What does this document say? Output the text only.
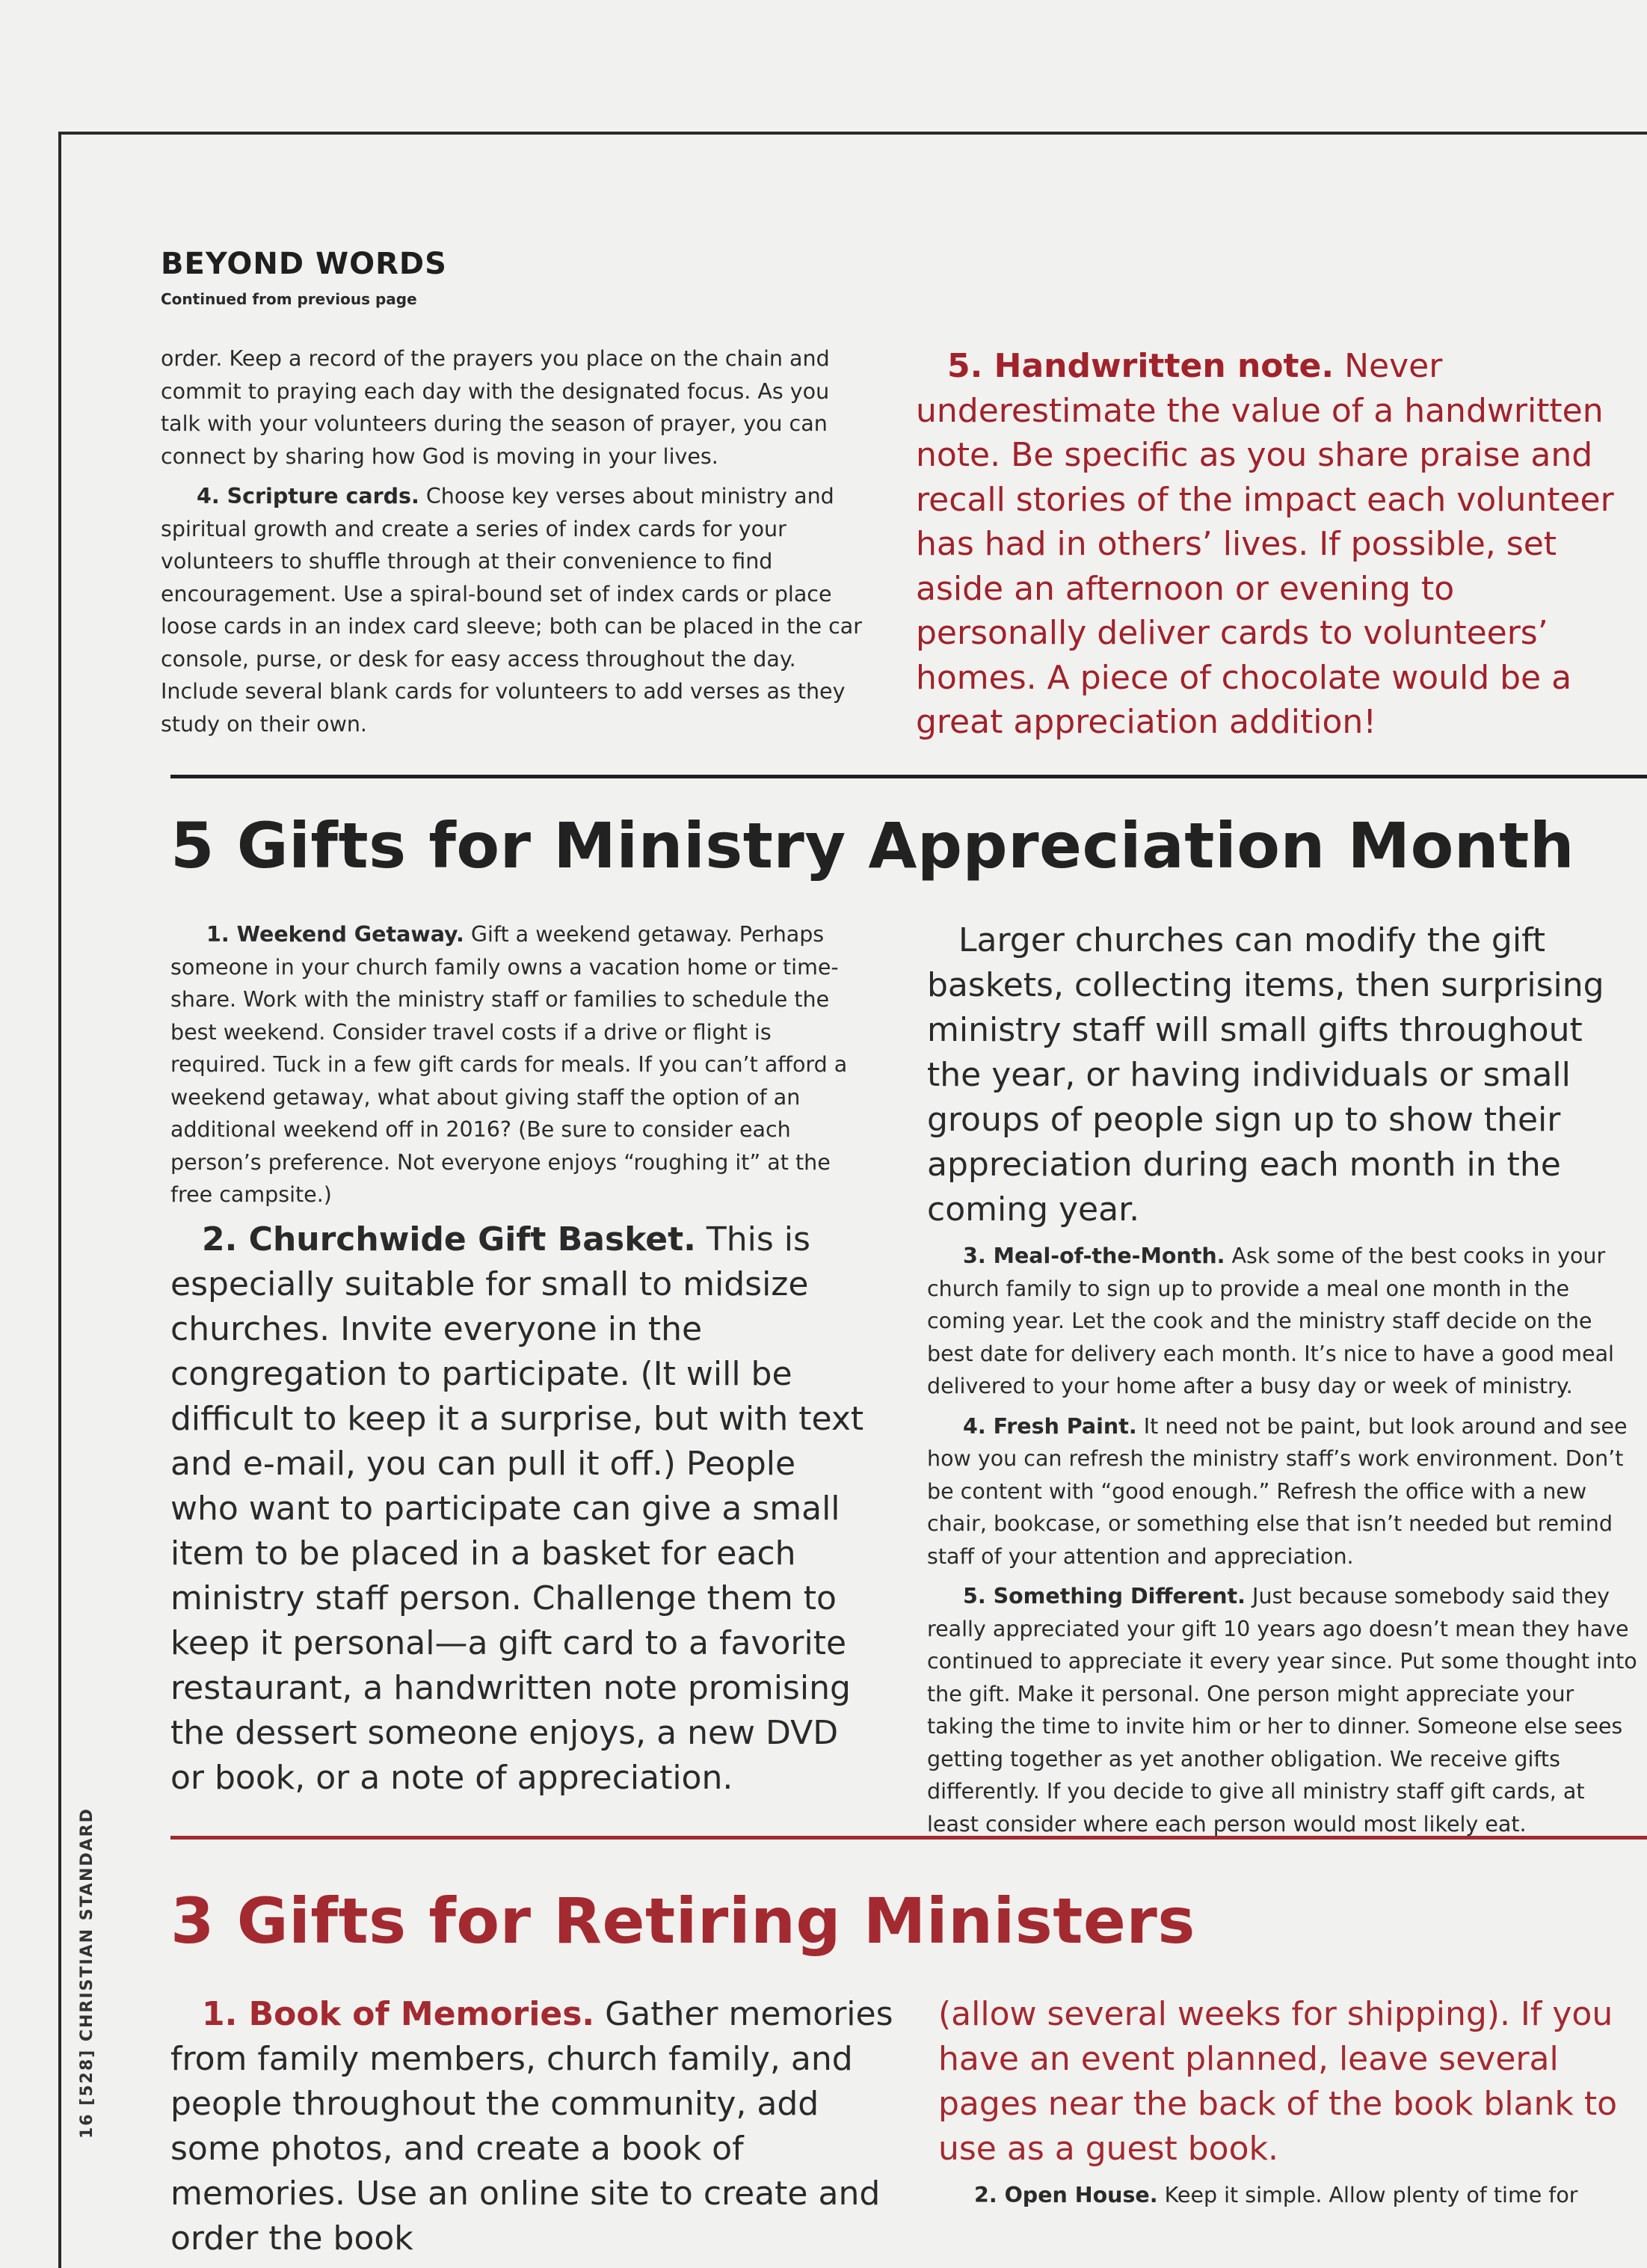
BEYOND WORDS
Continued from previous page

order. Keep a record of the prayers you place on the chain and commit to praying each day with the designated focus. As you talk with your volunteers during the season of prayer, you can connect by sharing how God is moving in your lives.

4. Scripture cards. Choose key verses about ministry and spiritual growth and create a series of index cards for your volunteers to shuffle through at their convenience to find encouragement. Use a spiral-bound set of index cards or place loose cards in an index card sleeve; both can be placed in the car console, purse, or desk for easy access throughout the day. Include several blank cards for volunteers to add verses as they study on their own.

5. Handwritten note. Never underestimate the value of a handwritten note. Be specific as you share praise and recall stories of the impact each volunteer has had in others’ lives. If possible, set aside an afternoon or evening to personally deliver cards to volunteers’ homes. A piece of chocolate would be a great appreciation addition!

5 Gifts for Ministry Appreciation Month

1. Weekend Getaway. Gift a weekend getaway. Perhaps someone in your church family owns a vacation home or time-share. Work with the ministry staff or families to schedule the best weekend. Consider travel costs if a drive or flight is required. Tuck in a few gift cards for meals. If you can’t afford a weekend getaway, what about giving staff the option of an additional weekend off in 2016? (Be sure to consider each person’s preference. Not everyone enjoys “roughing it” at the free campsite.)

2. Churchwide Gift Basket. This is especially suitable for small to midsize churches. Invite everyone in the congregation to participate. (It will be difficult to keep it a surprise, but with text and e-mail, you can pull it off.) People who want to participate can give a small item to be placed in a basket for each ministry staff person. Challenge them to keep it personal—a gift card to a favorite restaurant, a handwritten note promising the dessert someone enjoys, a new DVD or book, or a note of appreciation.

Larger churches can modify the gift baskets, collecting items, then surprising ministry staff will small gifts throughout the year, or having individuals or small groups of people sign up to show their appreciation during each month in the coming year.

3. Meal-of-the-Month. Ask some of the best cooks in your church family to sign up to provide a meal one month in the coming year. Let the cook and the ministry staff decide on the best date for delivery each month. It’s nice to have a good meal delivered to your home after a busy day or week of ministry.

4. Fresh Paint. It need not be paint, but look around and see how you can refresh the ministry staff’s work environment. Don’t be content with “good enough.” Refresh the office with a new chair, bookcase, or something else that isn’t needed but remind staff of your attention and appreciation.

5. Something Different. Just because somebody said they really appreciated your gift 10 years ago doesn’t mean they have continued to appreciate it every year since. Put some thought into the gift. Make it personal. One person might appreciate your taking the time to invite him or her to dinner. Someone else sees getting together as yet another obligation. We receive gifts differently. If you decide to give all ministry staff gift cards, at least consider where each person would most likely eat.

3 Gifts for Retiring Ministers

1. Book of Memories. Gather memories from family members, church family, and people throughout the community, add some photos, and create a book of memories. Use an online site to create and order the book

(allow several weeks for shipping). If you have an event planned, leave several pages near the back of the book blank to use as a guest book.

2. Open House. Keep it simple. Allow plenty of time for

16 [528] CHRISTIAN STANDARD
